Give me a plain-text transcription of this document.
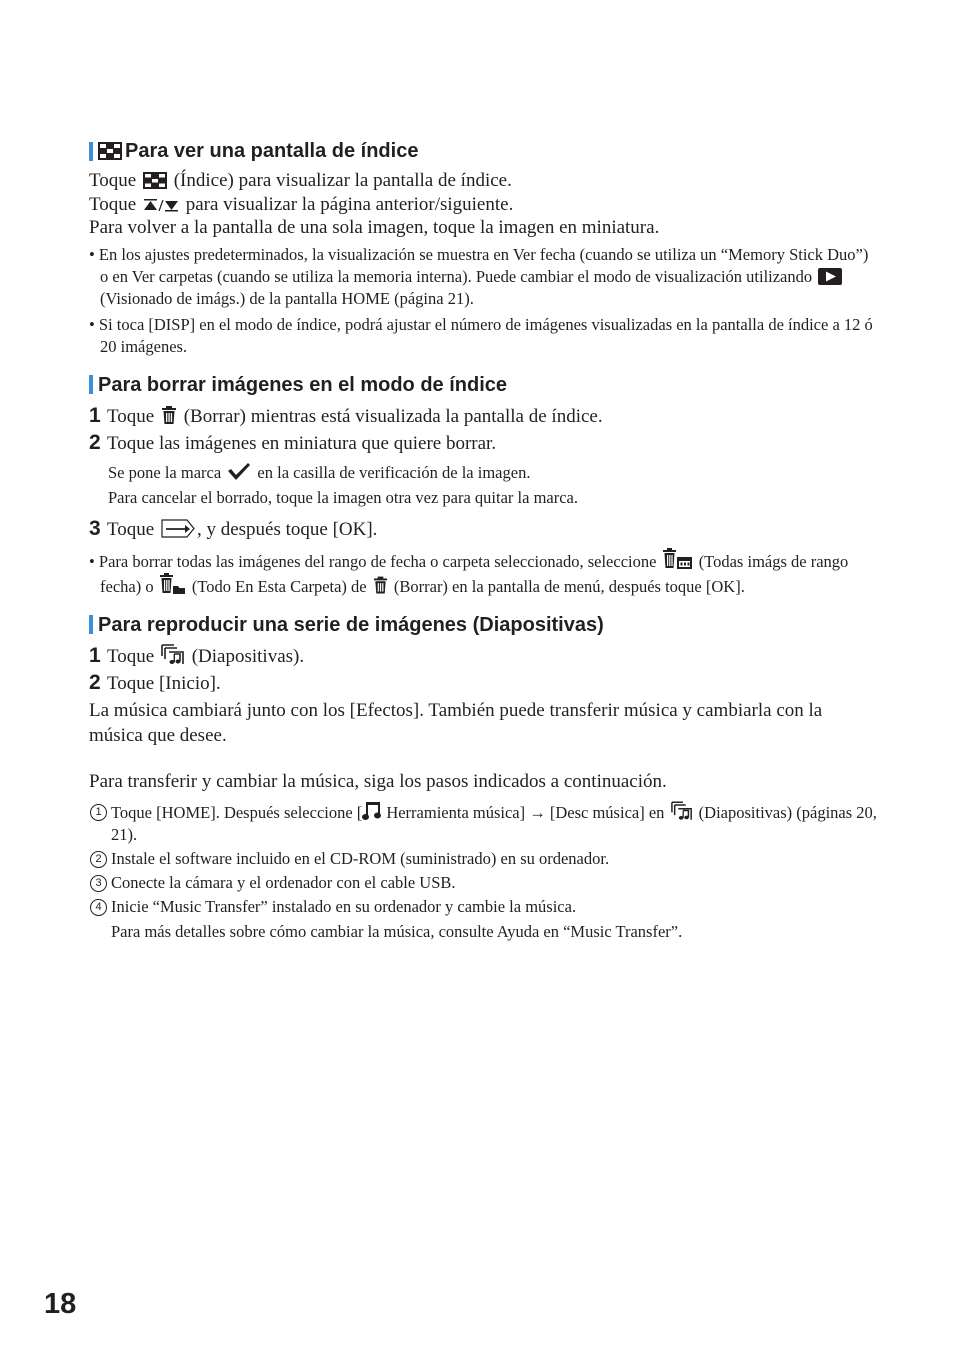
Para ver una pantalla de índice

Toque (Índice) para visualizar la pantalla de índice.
Toque	para visualizar la página anterior/siguiente.
Para volver a la pantalla de una sola imagen, toque la imagen en miniatura.

• En los ajustes predeterminados, la visualización se muestra en Ver fecha (cuando se utiliza un “Memory Stick Duo”) o en Ver carpetas (cuando se utiliza la memoria interna). Puede cambiar el modo de visualización utilizando  (Visionado de imágs.) de la pantalla HOME (página 21).
• Si toca [DISP] en el modo de índice, podrá ajustar el número de imágenes visualizadas en la pantalla de índice a 12 ó 20 imágenes.
Para borrar imágenes en el modo de índice
1 Toque (Borrar) mientras está visualizada la pantalla de índice.
2 Toque las imágenes en miniatura que quiere borrar.
Se pone la marca en la casilla de verificación de la imagen.
Para cancelar el borrado, toque la imagen otra vez para quitar la marca.
3 Toque , y después toque [OK].
• Para borrar todas las imágenes del rango de fecha o carpeta seleccionado, seleccione	(Todas imágs de rango fecha) o (Todo En Esta Carpeta) de (Borrar) en la pantalla de menú, después toque [OK].
Para reproducir una serie de imágenes (Diapositivas)
1 Toque (Diapositivas).
2 Toque [Inicio].

La música cambiará junto con los [Efectos]. También puede transferir música y cambiarla con la música que desee.

Para transferir y cambiar la música, siga los pasos indicados a continuación.

1 Toque [HOME]. Después seleccione [ Herramienta música] → [Desc música] en (Diapositivas) (páginas 20, 21).
2 Instale el software incluido en el CD-ROM (suministrado) en su ordenador.
3 Conecte la cámara y el ordenador con el cable USB.
4 Inicie “Music Transfer” instalado en su ordenador y cambie la música.
Para más detalles sobre cómo cambiar la música, consulte Ayuda en “Music Transfer”.
18
